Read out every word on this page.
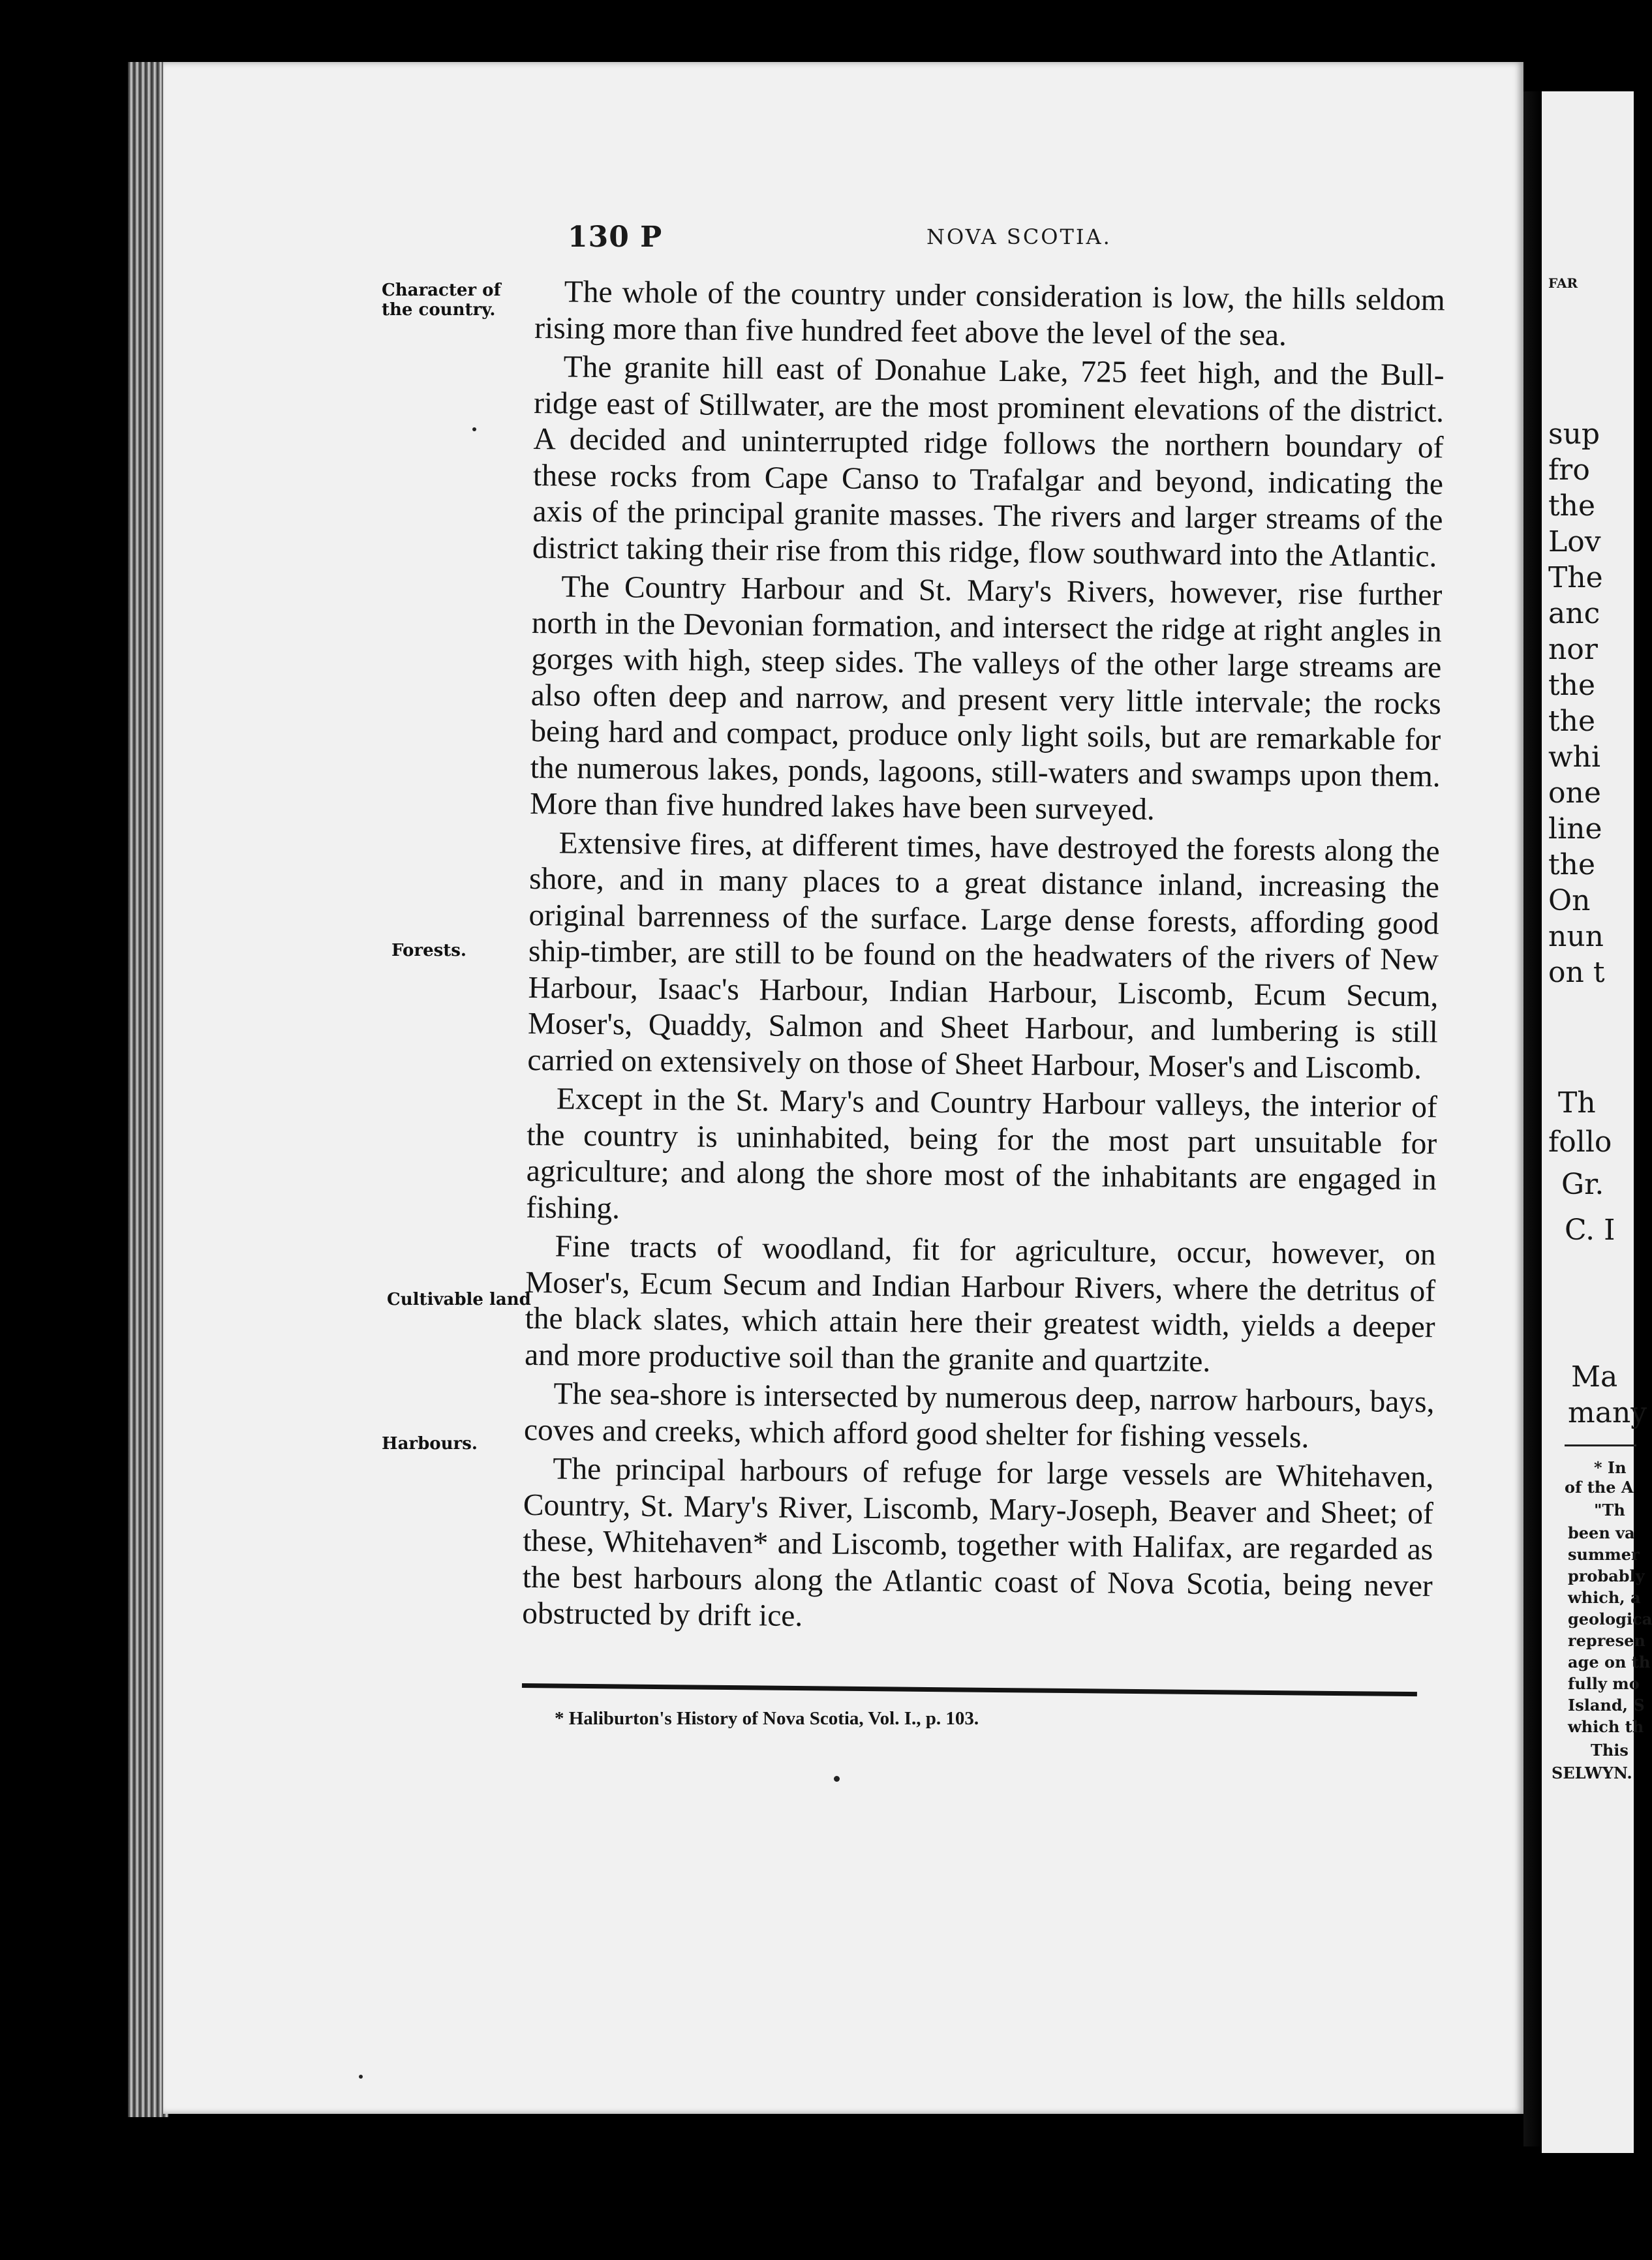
130 P	NOVA SCOTIA.
Character of
the country.
Forests.
Cultivable land
Harbours.

The whole of the country under consideration is low, the hills seldom rising more than five hundred feet above the level of the sea.

The granite hill east of Donahue Lake, 725 feet high, and the Bull-ridge east of Stillwater, are the most prominent elevations of the district. A decided and uninterrupted ridge follows the northern boundary of these rocks from Cape Canso to Trafalgar and beyond, indicating the axis of the principal granite masses. The rivers and larger streams of the district taking their rise from this ridge, flow southward into the Atlantic.

The Country Harbour and St. Mary's Rivers, however, rise further north in the Devonian formation, and intersect the ridge at right angles in gorges with high, steep sides. The valleys of the other large streams are also often deep and narrow, and present very little intervale; the rocks being hard and compact, produce only light soils, but are remarkable for the numerous lakes, ponds, lagoons, still-waters and swamps upon them. More than five hundred lakes have been surveyed.

Extensive fires, at different times, have destroyed the forests along the shore, and in many places to a great distance inland, increasing the original barrenness of the surface. Large dense forests, affording good ship-timber, are still to be found on the headwaters of the rivers of New Harbour, Isaac's Harbour, Indian Harbour, Liscomb, Ecum Secum, Moser's, Quaddy, Salmon and Sheet Harbour, and lumbering is still carried on extensively on those of Sheet Harbour, Moser's and Liscomb.

Except in the St. Mary's and Country Harbour valleys, the interior of the country is uninhabited, being for the most part unsuitable for agriculture; and along the shore most of the inhabitants are engaged in fishing.

Fine tracts of woodland, fit for agriculture, occur, however, on Moser's, Ecum Secum and Indian Harbour Rivers, where the detritus of the black slates, which attain here their greatest width, yields a deeper and more productive soil than the granite and quartzite.

The sea-shore is intersected by numerous deep, narrow harbours, bays, coves and creeks, which afford good shelter for fishing vessels.

The principal harbours of refuge for large vessels are Whitehaven, Country, St. Mary's River, Liscomb, Mary-Joseph, Beaver and Sheet; of these, Whitehaven* and Liscomb, together with Halifax, are regarded as the best harbours along the Atlantic coast of Nova Scotia, being never obstructed by drift ice.

* Haliburton's History of Nova Scotia, Vol. I., p. 103.
FAR
sup
fro
the
Lov
The
anc
nor
the
the
whi
one
line
the
On
nun
on t
Th
follo
Gr.
C. I
Ma
many
* In
of the A
"Th
been va
summer
probably
which, a
geologica
represen
age on th
fully mo
Island, S
which th
This
SELWYN.
